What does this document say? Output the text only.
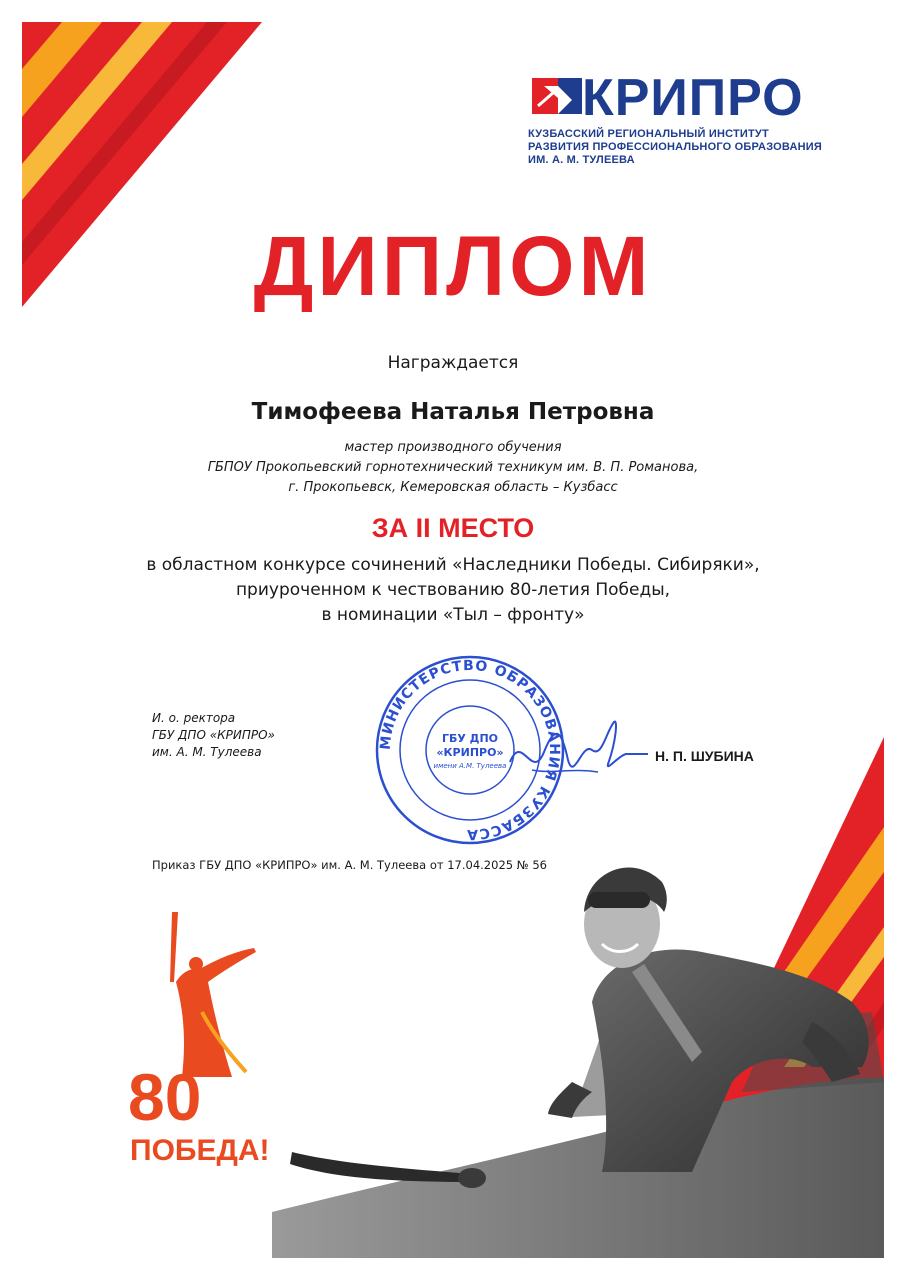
КРИПРО
КУЗБАССКИЙ РЕГИОНАЛЬНЫЙ ИНСТИТУТ
РАЗВИТИЯ ПРОФЕССИОНАЛЬНОГО ОБРАЗОВАНИЯ
ИМ. А. М. ТУЛЕЕВА
ДИПЛОМ
Награждается
Тимофеева Наталья Петровна
мастер производного обучения
ГБПОУ Прокопьевский горнотехнический техникум им. В. П. Романова,
г. Прокопьевск, Кемеровская область – Кузбасс
ЗА II МЕСТО
в областном конкурсе сочинений «Наследники Победы. Сибиряки»,
приуроченном к чествованию 80-летия Победы,
в номинации «Тыл – фронту»
И. о. ректора
ГБУ ДПО «КРИПРО»
им. А. М. Тулеева
МИНИСТЕРСТВО ОБРАЗОВАНИЯ КУЗБАССА
ГБУ ДПО
«КРИПРО»
имени А.М. Тулеева
Н. П. ШУБИНА
Приказ ГБУ ДПО «КРИПРО» им. А. М. Тулеева от 17.04.2025 № 56
80
ПОБЕДА!
